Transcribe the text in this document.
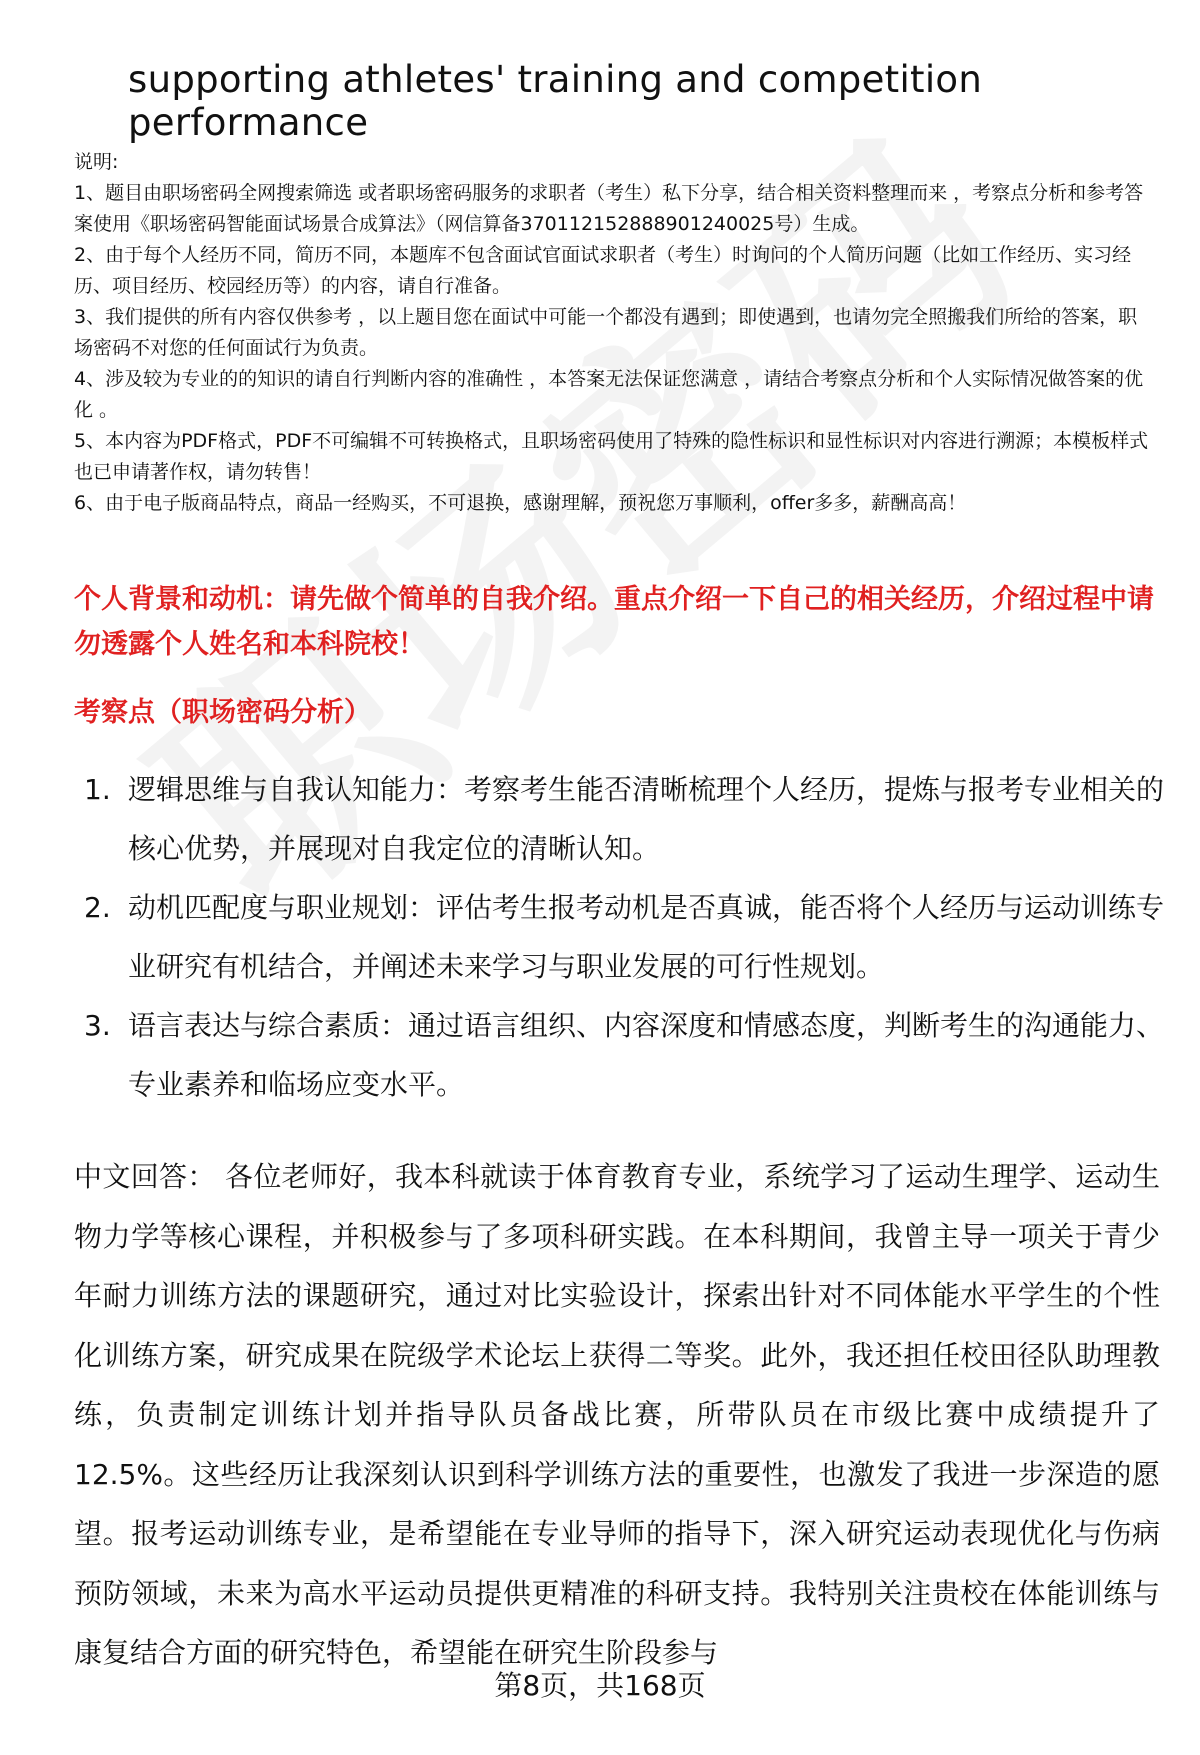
supporting athletes' training and competition performance

说明:

1、题目由职场密码全网搜索筛选 或者职场密码服务的求职者（考生）私下分享，结合相关资料整理而来 ，考察点分析和参考答案使用《职场密码智能面试场景合成算法》（网信算备370112152888901240025号）生成。

2、由于每个人经历不同，简历不同，本题库不包含面试官面试求职者（考生）时询问的个人简历问题（比如工作经历、实习经历、项目经历、校园经历等）的内容，请自行准备。

3、我们提供的所有内容仅供参考 ，以上题目您在面试中可能一个都没有遇到；即使遇到，也请勿完全照搬我们所给的答案，职场密码不对您的任何面试行为负责。

4、涉及较为专业的的知识的请自行判断内容的准确性 ，本答案无法保证您满意 ，请结合考察点分析和个人实际情况做答案的优化 。

5、本内容为PDF格式，PDF不可编辑不可转换格式，且职场密码使用了特殊的隐性标识和显性标识对内容进行溯源；本模板样式也已申请著作权，请勿转售！

6、由于电子版商品特点，商品一经购买，不可退换，感谢理解，预祝您万事顺利，offer多多，薪酬高高！

个人背景和动机：请先做个简单的自我介绍。重点介绍一下自己的相关经历，介绍过程中请勿透露个人姓名和本科院校！
考察点（职场密码分析）
1. 逻辑思维与自我认知能力：考察考生能否清晰梳理个人经历，提炼与报考专业相关的核心优势，并展现对自我定位的清晰认知。
2. 动机匹配度与职业规划：评估考生报考动机是否真诚，能否将个人经历与运动训练专业研究有机结合，并阐述未来学习与职业发展的可行性规划。
3. 语言表达与综合素质：通过语言组织、内容深度和情感态度，判断考生的沟通能力、专业素养和临场应变水平。
中文回答： 各位老师好，我本科就读于体育教育专业，系统学习了运动生理学、运动生物力学等核心课程，并积极参与了多项科研实践。在本科期间，我曾主导一项关于青少年耐力训练方法的课题研究，通过对比实验设计，探索出针对不同体能水平学生的个性化训练方案，研究成果在院级学术论坛上获得二等奖。此外，我还担任校田径队助理教练，负责制定训练计划并指导队员备战比赛，所带队员在市级比赛中成绩提升了12.5%。这些经历让我深刻认识到科学训练方法的重要性，也激发了我进一步深造的愿望。报考运动训练专业，是希望能在专业导师的指导下，深入研究运动表现优化与伤病预防领域，未来为高水平运动员提供更精准的科研支持。我特别关注贵校在体能训练与康复结合方面的研究特色，希望能在研究生阶段参与
第8页，共168页
